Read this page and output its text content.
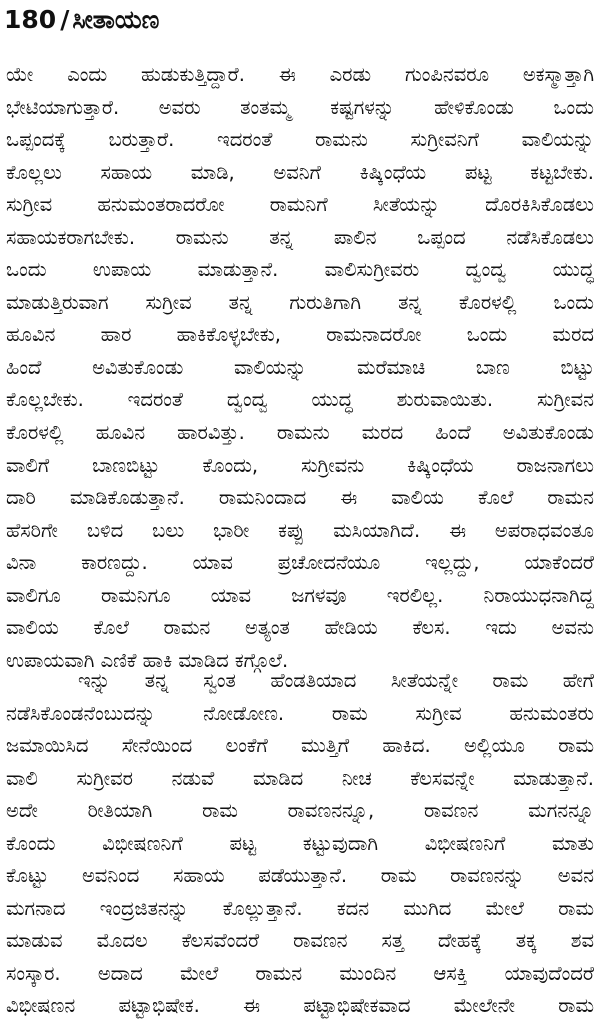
180 / ಸೀತಾಯಣ
ಯೇ ಎಂದು ಹುಡುಕುತ್ತಿದ್ದಾರೆ. ಈ ಎರಡು ಗುಂಪಿನವರೂ ಅಕಸ್ಮಾತ್ತಾಗಿ
ಭೇಟಿಯಾಗುತ್ತಾರೆ. ಅವರು ತಂತಮ್ಮ ಕಷ್ಟಗಳನ್ನು ಹೇಳಿಕೊಂಡು ಒಂದು
ಒಪ್ಪಂದಕ್ಕೆ ಬರುತ್ತಾರೆ. ಇದರಂತೆ ರಾಮನು ಸುಗ್ರೀವನಿಗೆ ವಾಲಿಯನ್ನು
ಕೊಲ್ಲಲು ಸಹಾಯ ಮಾಡಿ, ಅವನಿಗೆ ಕಿಷ್ಕಿಂಧೆಯ ಪಟ್ಟ ಕಟ್ಟಬೇಕು.
ಸುಗ್ರೀವ ಹನುಮಂತರಾದರೋ ರಾಮನಿಗೆ ಸೀತೆಯನ್ನು ದೊರಕಿಸಿಕೊಡಲು
ಸಹಾಯಕರಾಗಬೇಕು. ರಾಮನು ತನ್ನ ಪಾಲಿನ ಒಪ್ಪಂದ ನಡೆಸಿಕೊಡಲು
ಒಂದು ಉಪಾಯ ಮಾಡುತ್ತಾನೆ. ವಾಲಿಸುಗ್ರೀವರು ದ್ವಂದ್ವ ಯುದ್ಧ
ಮಾಡುತ್ತಿರುವಾಗ ಸುಗ್ರೀವ ತನ್ನ ಗುರುತಿಗಾಗಿ ತನ್ನ ಕೊರಳಲ್ಲಿ ಒಂದು
ಹೂವಿನ ಹಾರ ಹಾಕಿಕೊಳ್ಳಬೇಕು, ರಾಮನಾದರೋ ಒಂದು ಮರದ
ಹಿಂದೆ ಅವಿತುಕೊಂಡು ವಾಲಿಯನ್ನು ಮರೆಮಾಚಿ ಬಾಣ ಬಿಟ್ಟು
ಕೊಲ್ಲಬೇಕು. ಇದರಂತೆ ದ್ವಂದ್ವ ಯುದ್ಧ ಶುರುವಾಯಿತು. ಸುಗ್ರೀವನ
ಕೊರಳಲ್ಲಿ ಹೂವಿನ ಹಾರವಿತ್ತು. ರಾಮನು ಮರದ ಹಿಂದೆ ಅವಿತುಕೊಂಡು
ವಾಲಿಗೆ ಬಾಣಬಿಟ್ಟು ಕೊಂದು, ಸುಗ್ರೀವನು ಕಿಷ್ಕಿಂಧೆಯ ರಾಜನಾಗಲು
ದಾರಿ ಮಾಡಿಕೊಡುತ್ತಾನೆ. ರಾಮನಿಂದಾದ ಈ ವಾಲಿಯ ಕೊಲೆ ರಾಮನ
ಹೆಸರಿಗೇ ಬಳಿದ ಬಲು ಭಾರೀ ಕಪ್ಪು ಮಸಿಯಾಗಿದೆ. ಈ ಅಪರಾಧವಂತೂ
ವಿನಾ ಕಾರಣದ್ದು. ಯಾವ ಪ್ರಚೋದನೆಯೂ ಇಲ್ಲದ್ದು, ಯಾಕೆಂದರೆ
ವಾಲಿಗೂ ರಾಮನಿಗೂ ಯಾವ ಜಗಳವೂ ಇರಲಿಲ್ಲ. ನಿರಾಯುಧನಾಗಿದ್ದ
ವಾಲಿಯ ಕೊಲೆ ರಾಮನ ಅತ್ಯಂತ ಹೇಡಿಯ ಕೆಲಸ. ಇದು ಅವನು
ಉಪಾಯವಾಗಿ ಎಣಿಕೆ ಹಾಕಿ ಮಾಡಿದ ಕಗ್ಗೊಲೆ.
ಇನ್ನು ತನ್ನ ಸ್ವಂತ ಹೆಂಡತಿಯಾದ ಸೀತೆಯನ್ನೇ ರಾಮ ಹೇಗೆ
ನಡೆಸಿಕೊಂಡನೆಂಬುದನ್ನು ನೋಡೋಣ. ರಾಮ ಸುಗ್ರೀವ ಹನುಮಂತರು
ಜಮಾಯಿಸಿದ ಸೇನೆಯಿಂದ ಲಂಕೆಗೆ ಮುತ್ತಿಗೆ ಹಾಕಿದ. ಅಲ್ಲಿಯೂ ರಾಮ
ವಾಲಿ ಸುಗ್ರೀವರ ನಡುವೆ ಮಾಡಿದ ನೀಚ ಕೆಲಸವನ್ನೇ ಮಾಡುತ್ತಾನೆ.
ಅದೇ ರೀತಿಯಾಗಿ ರಾಮ ರಾವಣನನ್ನೂ, ರಾವಣನ ಮಗನನ್ನೂ
ಕೊಂದು ವಿಭೀಷಣನಿಗೆ ಪಟ್ಟ ಕಟ್ಟುವುದಾಗಿ ವಿಭೀಷಣನಿಗೆ ಮಾತು
ಕೊಟ್ಟು ಅವನಿಂದ ಸಹಾಯ ಪಡೆಯುತ್ತಾನೆ. ರಾಮ ರಾವಣನನ್ನು ಅವನ
ಮಗನಾದ ಇಂದ್ರಜಿತನನ್ನು ಕೊಲ್ಲುತ್ತಾನೆ. ಕದನ ಮುಗಿದ ಮೇಲೆ ರಾಮ
ಮಾಡುವ ಮೊದಲ ಕೆಲಸವೆಂದರೆ ರಾವಣನ ಸತ್ತ ದೇಹಕ್ಕೆ ತಕ್ಕ ಶವ
ಸಂಸ್ಕಾರ. ಅದಾದ ಮೇಲೆ ರಾಮನ ಮುಂದಿನ ಆಸಕ್ತಿ ಯಾವುದೆಂದರೆ
ವಿಭೀಷಣನ ಪಟ್ಟಾಭಿಷೇಕ. ಈ ಪಟ್ಟಾಭಿಷೇಕವಾದ ಮೇಲೇನೇ ರಾಮ
